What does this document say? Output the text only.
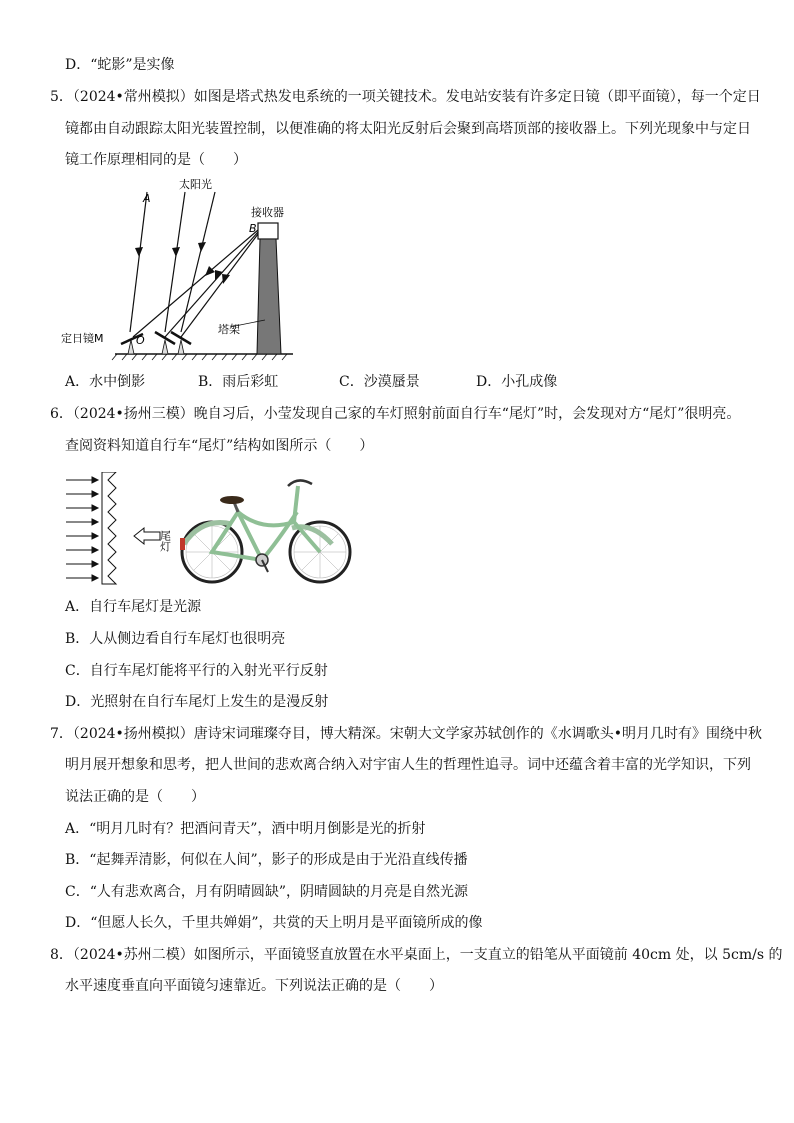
D．“蛇影”是实像
5．（2024•常州模拟）如图是塔式热发电系统的一项关键技术。发电站安装有许多定日镜（即平面镜），每一个定日
镜都由自动跟踪太阳光装置控制，以便准确的将太阳光反射后会聚到高塔顶部的接收器上。下列光现象中与定日
镜工作原理相同的是（　　）
A
太阳光
接收器
B
定日镜M	O
塔架
A．水中倒影	B．雨后彩虹	C．沙漠蜃景	D．小孔成像
6．（2024•扬州三模）晚自习后，小莹发现自己家的车灯照射前面自行车“尾灯”时，会发现对方“尾灯”很明亮。
查阅资料知道自行车“尾灯”结构如图所示（　　）
尾灯
A．自行车尾灯是光源
B．人从侧边看自行车尾灯也很明亮
C．自行车尾灯能将平行的入射光平行反射
D．光照射在自行车尾灯上发生的是漫反射
7．（2024•扬州模拟）唐诗宋词璀璨夺目，博大精深。宋朝大文学家苏轼创作的《水调歌头•明月几时有》围绕中秋
明月展开想象和思考，把人世间的悲欢离合纳入对宇宙人生的哲理性追寻。词中还蕴含着丰富的光学知识，下列
说法正确的是（　　）
A．“明月几时有？把酒问青天”，酒中明月倒影是光的折射
B．“起舞弄清影，何似在人间”，影子的形成是由于光沿直线传播
C．“人有悲欢离合，月有阴晴圆缺”，阴晴圆缺的月亮是自然光源
D．“但愿人长久，千里共婵娟”，共赏的天上明月是平面镜所成的像
8．（2024•苏州二模）如图所示，平面镜竖直放置在水平桌面上，一支直立的铅笔从平面镜前 40cm 处，以 5cm/s 的
水平速度垂直向平面镜匀速靠近。下列说法正确的是（　　）
